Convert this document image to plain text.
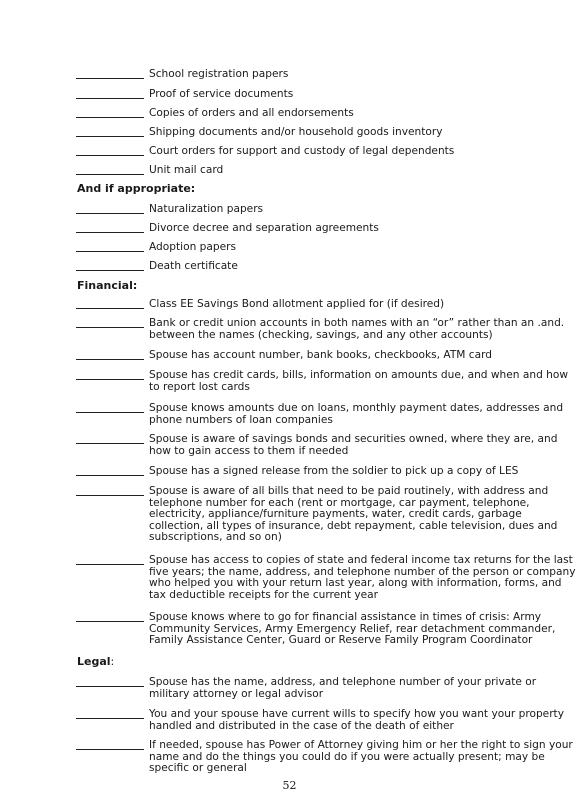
School registration papers
Proof of service documents
Copies of orders and all endorsements
Shipping documents and/or household goods inventory
Court orders for support and custody of legal dependents
Unit mail card
And if appropriate:
Naturalization papers
Divorce decree and separation agreements
Adoption papers
Death certificate
Financial:
Class EE Savings Bond allotment applied for (if desired)
Bank or credit union accounts in both names with an “or” rather than an .and. between the names (checking, savings, and any other accounts)
Spouse has account number, bank books, checkbooks, ATM card
Spouse has credit cards, bills, information on amounts due, and when and how to report lost cards
Spouse knows amounts due on loans, monthly payment dates, addresses and phone numbers of loan companies
Spouse is aware of savings bonds and securities owned, where they are, and how to gain access to them if needed
Spouse has a signed release from the soldier to pick up a copy of LES
Spouse is aware of all bills that need to be paid routinely, with address and telephone number for each (rent or mortgage, car payment, telephone, electricity, appliance/furniture payments, water, credit cards, garbage collection, all types of insurance, debt repayment, cable television, dues and subscriptions, and so on)
Spouse has access to copies of state and federal income tax returns for the last five years; the name, address, and telephone number of the person or company who helped you with your return last year, along with information, forms, and tax deductible receipts for the current year
Spouse knows where to go for financial assistance in times of crisis: Army Community Services, Army Emergency Relief, rear detachment commander, Family Assistance Center, Guard or Reserve Family Program Coordinator
Legal:
Spouse has the name, address, and telephone number of your private or military attorney or legal advisor
You and your spouse have current wills to specify how you want your property handled and distributed in the case of the death of either
If needed, spouse has Power of Attorney giving him or her the right to sign your name and do the things you could do if you were actually present; may be specific or general
52
